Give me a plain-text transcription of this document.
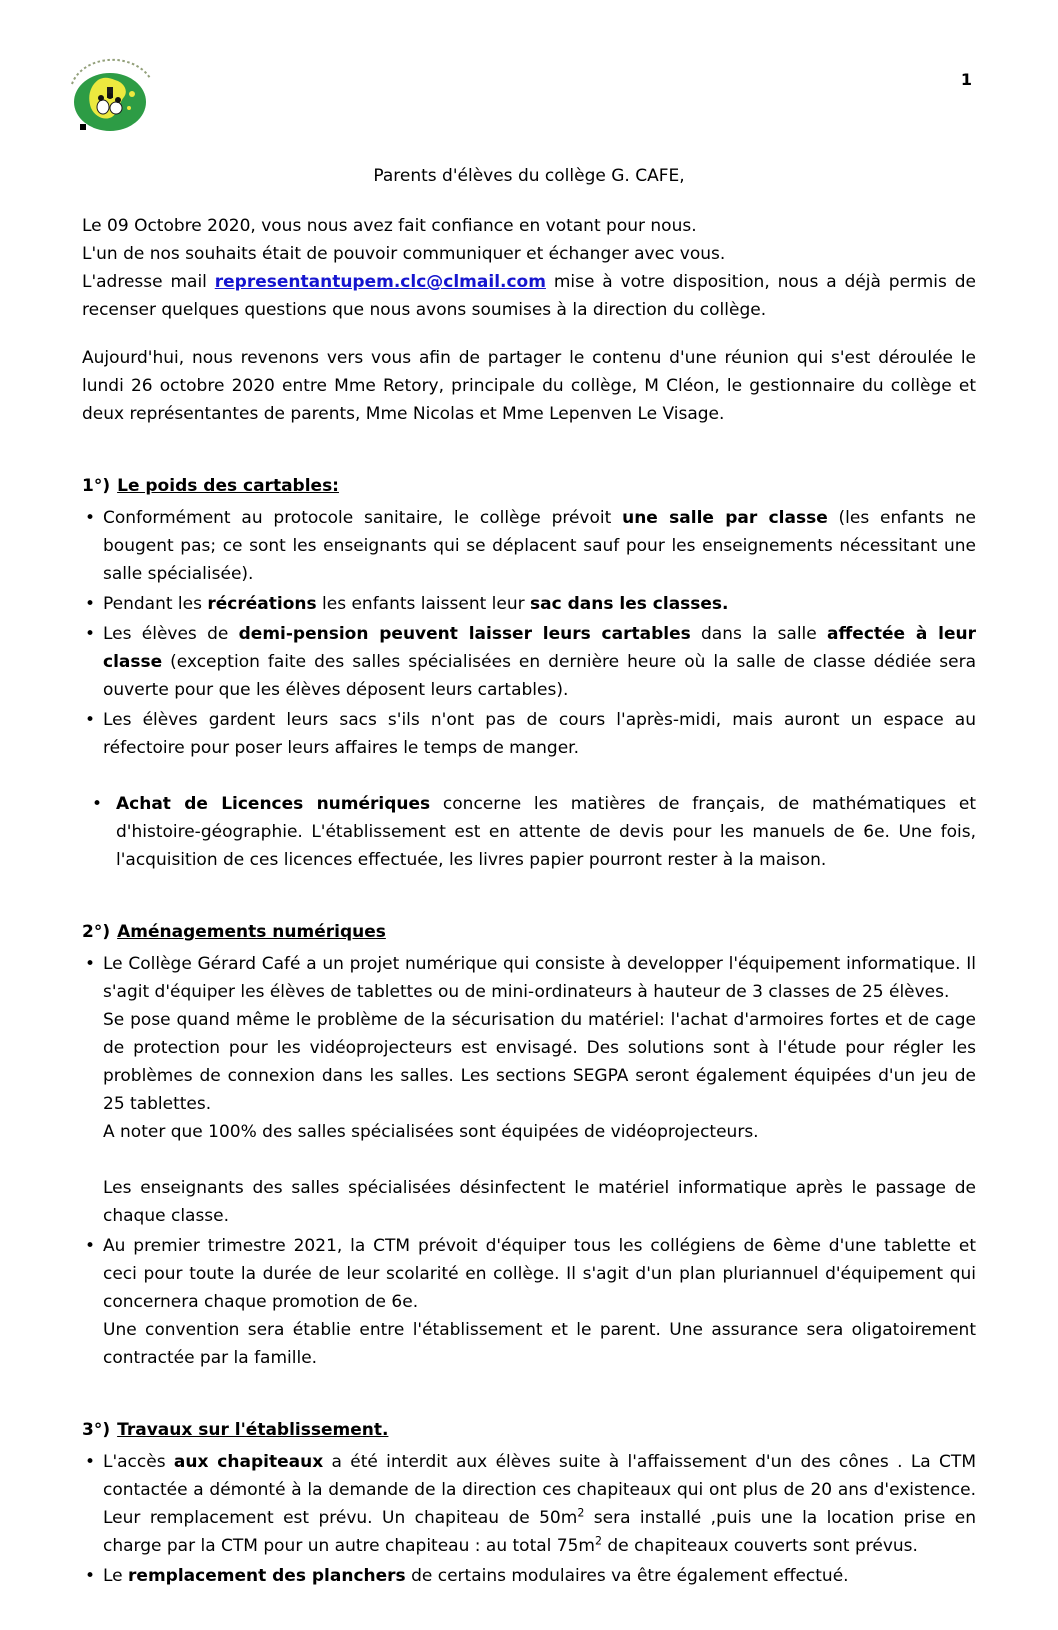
1
Parents d'élèves du collège G. CAFE,
Le 09 Octobre 2020, vous nous avez fait confiance en votant pour nous.
L'un de nos souhaits était de pouvoir communiquer et échanger avec vous.
L'adresse mail representantupem.clc@clmail.com mise à votre disposition, nous a déjà permis de recenser quelques questions que nous avons soumises à la direction du collège.
Aujourd'hui, nous revenons vers vous afin de partager le contenu d'une réunion qui s'est déroulée le lundi 26 octobre 2020 entre Mme Retory, principale du collège, M Cléon, le gestionnaire du collège et deux représentantes de parents, Mme Nicolas et Mme Lepenven Le Visage.
1°) Le poids des cartables:
• Conformément au protocole sanitaire, le collège prévoit une salle par classe (les enfants ne bougent pas; ce sont les enseignants qui se déplacent sauf pour les enseignements nécessitant une salle spécialisée).
• Pendant les récréations les enfants laissent leur sac dans les classes.
• Les élèves de demi-pension peuvent laisser leurs cartables dans la salle affectée à leur classe (exception faite des salles spécialisées en dernière heure où la salle de classe dédiée sera ouverte pour que les élèves déposent leurs cartables).
• Les élèves gardent leurs sacs s'ils n'ont pas de cours l'après-midi, mais auront un espace au réfectoire pour poser leurs affaires le temps de manger.
• Achat de Licences numériques concerne les matières de français, de mathématiques et d'histoire-géographie. L'établissement est en attente de devis pour les manuels de 6e. Une fois, l'acquisition de ces licences effectuée, les livres papier pourront rester à la maison.
2°) Aménagements numériques
• Le Collège Gérard Café a un projet numérique qui consiste à developper l'équipement informatique. Il s'agit d'équiper les élèves de tablettes ou de mini-ordinateurs à hauteur de 3 classes de 25 élèves.
Se pose quand même le problème de la sécurisation du matériel: l'achat d'armoires fortes et de cage de protection pour les vidéoprojecteurs est envisagé. Des solutions sont à l'étude pour régler les problèmes de connexion dans les salles. Les sections SEGPA seront également équipées d'un jeu de 25 tablettes.
A noter que 100% des salles spécialisées sont équipées de vidéoprojecteurs.
Les enseignants des salles spécialisées désinfectent le matériel informatique après le passage de chaque classe.
• Au premier trimestre 2021, la CTM prévoit d'équiper tous les collégiens de 6ème d'une tablette et ceci pour toute la durée de leur scolarité en collège. Il s'agit d'un plan pluriannuel d'équipement qui concernera chaque promotion de 6e.
Une convention sera établie entre l'établissement et le parent. Une assurance sera oligatoirement contractée par la famille.
3°) Travaux sur l'établissement.
• L'accès aux chapiteaux a été interdit aux élèves suite à l'affaissement d'un des cônes . La CTM contactée a démonté à la demande de la direction ces chapiteaux qui ont plus de 20 ans d'existence. Leur remplacement est prévu. Un chapiteau de $50m^2$ sera installé ,puis une la location prise en charge par la CTM pour un autre chapiteau : au total $75m^2$ de chapiteaux couverts sont prévus.
• Le remplacement des planchers de certains modulaires va être également effectué.
